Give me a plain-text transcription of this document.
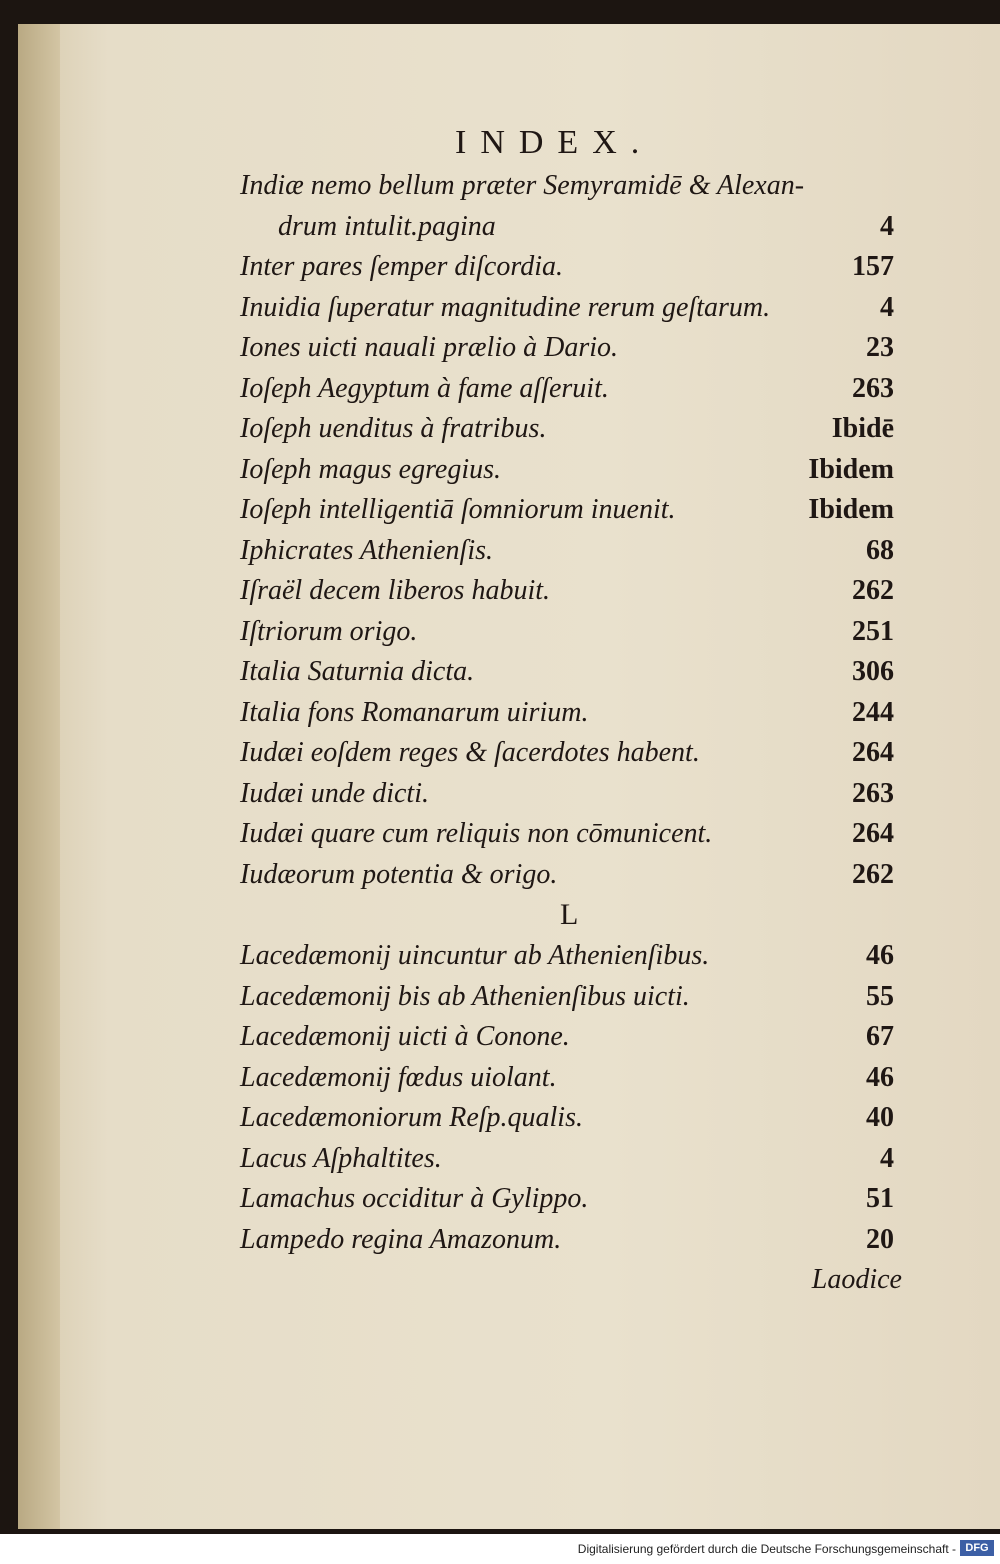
INDEX.
Indiæ nemo bellum præter Semyramidē & Alexan-
drum intulit.pagina	4
Inter pares ſemper diſcordia.	157
Inuidia ſuperatur magnitudine rerum geſtarum.	4
Iones uicti nauali prælio à Dario.	23
Ioſeph Aegyptum à fame aſſeruit.	263
Ioſeph uenditus à fratribus.	Ibidē
Ioſeph magus egregius.	Ibidem
Ioſeph intelligentiā ſomniorum inuenit.	Ibidem
Iphicrates Athenienſis.	68
Iſraël decem liberos habuit.	262
Iſtriorum origo.	251
Italia Saturnia dicta.	306
Italia fons Romanarum uirium.	244
Iudæi eoſdem reges & ſacerdotes habent.	264
Iudæi unde dicti.	263
Iudæi quare cum reliquis non cōmunicent.	264
Iudæorum potentia & origo.	262
L
Lacedæmonij uincuntur ab Athenienſibus.	46
Lacedæmonij bis ab Athenienſibus uicti.	55
Lacedæmonij uicti à Conone.	67
Lacedæmonij fœdus uiolant.	46
Lacedæmoniorum Reſp.qualis.	40
Lacus Aſphaltites.	4
Lamachus occiditur à Gylippo.	51
Lampedo regina Amazonum.	20
Laodice
Digitalisierung gefördert durch die Deutsche Forschungsgemeinschaft - DFG
